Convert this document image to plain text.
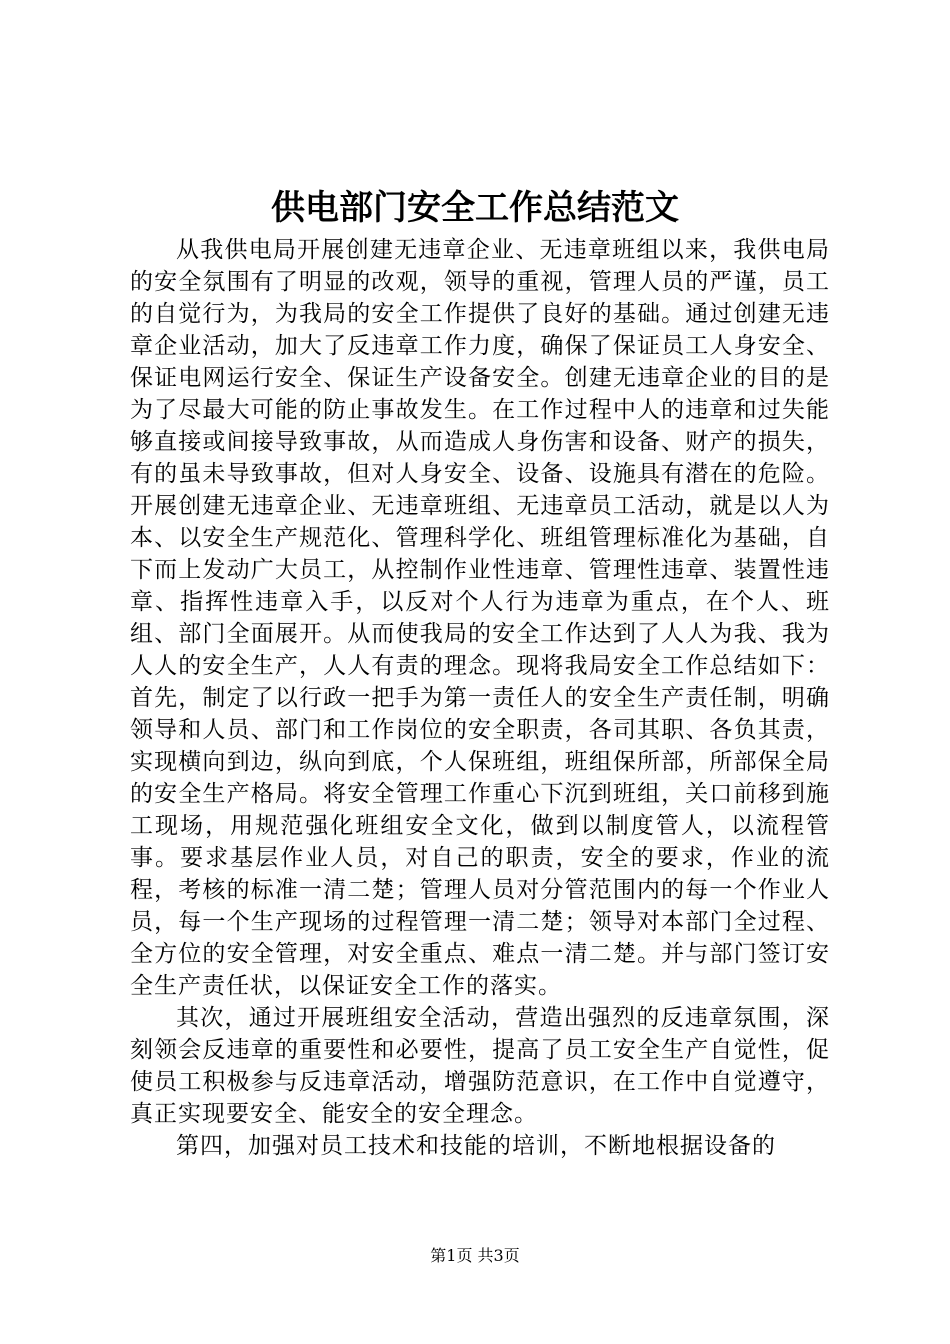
供电部门安全工作总结范文

从我供电局开展创建无违章企业、无违章班组以来，我供电局的安全氛围有了明显的改观，领导的重视，管理人员的严谨，员工的自觉行为，为我局的安全工作提供了良好的基础。通过创建无违章企业活动，加大了反违章工作力度，确保了保证员工人身安全、保证电网运行安全、保证生产设备安全。创建无违章企业的目的是为了尽最大可能的防止事故发生。在工作过程中人的违章和过失能够直接或间接导致事故，从而造成人身伤害和设备、财产的损失，有的虽未导致事故，但对人身安全、设备、设施具有潜在的危险。开展创建无违章企业、无违章班组、无违章员工活动，就是以人为本、以安全生产规范化、管理科学化、班组管理标准化为基础，自下而上发动广大员工，从控制作业性违章、管理性违章、装置性违章、指挥性违章入手，以反对个人行为违章为重点，在个人、班组、部门全面展开。从而使我局的安全工作达到了人人为我、我为人人的安全生产，人人有责的理念。现将我局安全工作总结如下：首先，制定了以行政一把手为第一责任人的安全生产责任制，明确领导和人员、部门和工作岗位的安全职责，各司其职、各负其责，实现横向到边，纵向到底，个人保班组，班组保所部，所部保全局的安全生产格局。将安全管理工作重心下沉到班组，关口前移到施工现场，用规范强化班组安全文化，做到以制度管人，以流程管事。要求基层作业人员，对自己的职责，安全的要求，作业的流程，考核的标准一清二楚；管理人员对分管范围内的每一个作业人员，每一个生产现场的过程管理一清二楚；领导对本部门全过程、全方位的安全管理，对安全重点、难点一清二楚。并与部门签订安全生产责任状，以保证安全工作的落实。

其次，通过开展班组安全活动，营造出强烈的反违章氛围，深刻领会反违章的重要性和必要性，提高了员工安全生产自觉性，促使员工积极参与反违章活动，增强防范意识，在工作中自觉遵守，真正实现要安全、能安全的安全理念。

第四，加强对员工技术和技能的培训，不断地根据设备的

第1页 共3页
